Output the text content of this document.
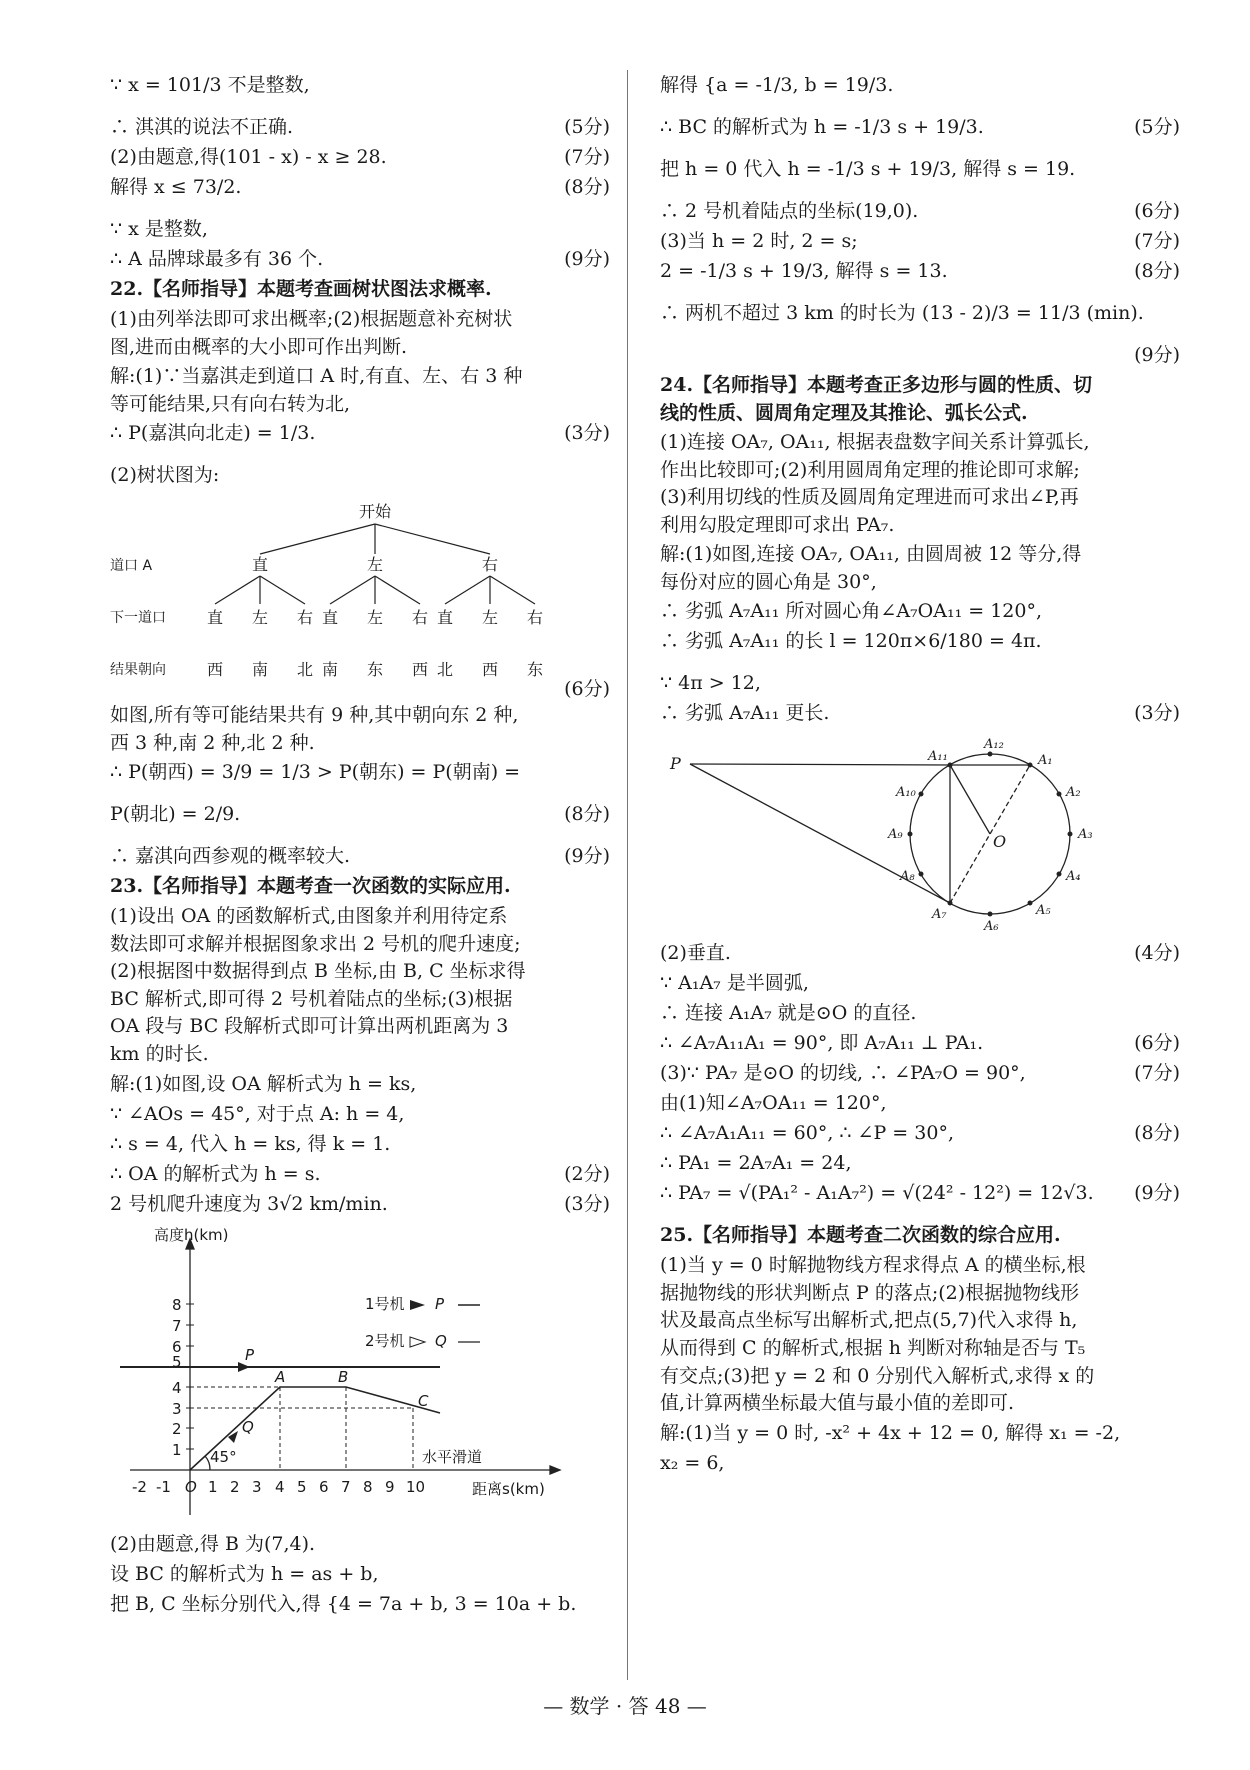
∵ x = 101/3 不是整数,
∴ 淇淇的说法不正确.	(5分)
(2)由题意,得(101 - x) - x ≥ 28.	(7分)
解得 x ≤ 73/2.	(8分)
∵ x 是整数,
∴ A 品牌球最多有 36 个.	(9分)
22.【名师指导】本题考查画树状图法求概率.
(1)由列举法即可求出概率;(2)根据题意补充树状图,进而由概率的大小即可作出判断.
解:(1)∵当嘉淇走到道口 A 时,有直、左、右 3 种等可能结果,只有向右转为北,
∴ P(嘉淇向北走) = 1/3.	(3分)
(2)树状图为:
开始
道口 A
下一道口
结果朝向
直	左	右
直	左	右 直	左	右 直	左	右
西	南	北 南	东	西 北	西	东
(6分)
如图,所有等可能结果共有 9 种,其中朝向东 2 种,西 3 种,南 2 种,北 2 种.
∴ P(朝西) = 3/9 = 1/3 > P(朝东) = P(朝南) =
P(朝北) = 2/9.	(8分)
∴ 嘉淇向西参观的概率较大.	(9分)
23.【名师指导】本题考查一次函数的实际应用.
(1)设出 OA 的函数解析式,由图象并利用待定系数法即可求解并根据图象求出 2 号机的爬升速度;(2)根据图中数据得到点 B 坐标,由 B, C 坐标求得 BC 解析式,即可得 2 号机着陆点的坐标;(3)根据 OA 段与 BC 段解析式即可计算出两机距离为 3 km 的时长.
解:(1)如图,设 OA 解析式为 h = ks,
∵ ∠AOs = 45°, 对于点 A: h = 4,
∴ s = 4, 代入 h = ks, 得 k = 1.
∴ OA 的解析式为 h = s.	(2分)
2 号机爬升速度为 3√2 km/min.	(3分)
高度h(km)
距离s(km)
1
2
3
4
5
6
7
8
-2 -1 O 1 2 3 4 5 6 7 8 9 10
1号机 P
2号机 Q
P
Q
A	B
C
45°	水平滑道
(2)由题意,得 B 为(7,4).
设 BC 的解析式为 h = as + b,
把 B, C 坐标分别代入,得 {4 = 7a + b, 3 = 10a + b.
解得 {a = -1/3, b = 19/3.
∴ BC 的解析式为 h = -1/3 s + 19/3.	(5分)
把 h = 0 代入 h = -1/3 s + 19/3, 解得 s = 19.
∴ 2 号机着陆点的坐标(19,0).	(6分)
(3)当 h = 2 时, 2 = s;	(7分)
2 = -1/3 s + 19/3, 解得 s = 13.	(8分)
∴ 两机不超过 3 km 的时长为 (13 - 2)/3 = 11/3 (min).
(9分)
24.【名师指导】本题考查正多边形与圆的性质、切线的性质、圆周角定理及其推论、弧长公式.
(1)连接 OA₇, OA₁₁, 根据表盘数字间关系计算弧长,作出比较即可;(2)利用圆周角定理的推论即可求解;(3)利用切线的性质及圆周角定理进而可求出∠P,再利用勾股定理即可求出 PA₇.
解:(1)如图,连接 OA₇, OA₁₁, 由圆周被 12 等分,得每份对应的圆心角是 30°,
∴ 劣弧 A₇A₁₁ 所对圆心角∠A₇OA₁₁ = 120°,
∴ 劣弧 A₇A₁₁ 的长 l = 120π×6/180 = 4π.
∵ 4π > 12,
∴ 劣弧 A₇A₁₁ 更长.	(3分)
P
O
A₁
A₂
A₃
A₄
A₅
A₆
A₇
A₈
A₉
A₁₀
A₁₁
A₁₂
(2)垂直.	(4分)
∵ A₁A₇ 是半圆弧,
∴ 连接 A₁A₇ 就是⊙O 的直径.
∴ ∠A₇A₁₁A₁ = 90°, 即 A₇A₁₁ ⊥ PA₁.	(6分)
(3)∵ PA₇ 是⊙O 的切线, ∴ ∠PA₇O = 90°,	(7分)
由(1)知∠A₇OA₁₁ = 120°,
∴ ∠A₇A₁A₁₁ = 60°, ∴ ∠P = 30°,	(8分)
∴ PA₁ = 2A₇A₁ = 24,
∴ PA₇ = √(PA₁² - A₁A₇²) = √(24² - 12²) = 12√3. (9分)
25.【名师指导】本题考查二次函数的综合应用.
(1)当 y = 0 时解抛物线方程求得点 A 的横坐标,根据抛物线的形状判断点 P 的落点;(2)根据抛物线形状及最高点坐标写出解析式,把点(5,7)代入求得 h,从而得到 C 的解析式,根据 h 判断对称轴是否与 T₅ 有交点;(3)把 y = 2 和 0 分别代入解析式,求得 x 的值,计算两横坐标最大值与最小值的差即可.
解:(1)当 y = 0 时, -x² + 4x + 12 = 0, 解得 x₁ = -2,
x₂ = 6,
— 数学 · 答 48 —
